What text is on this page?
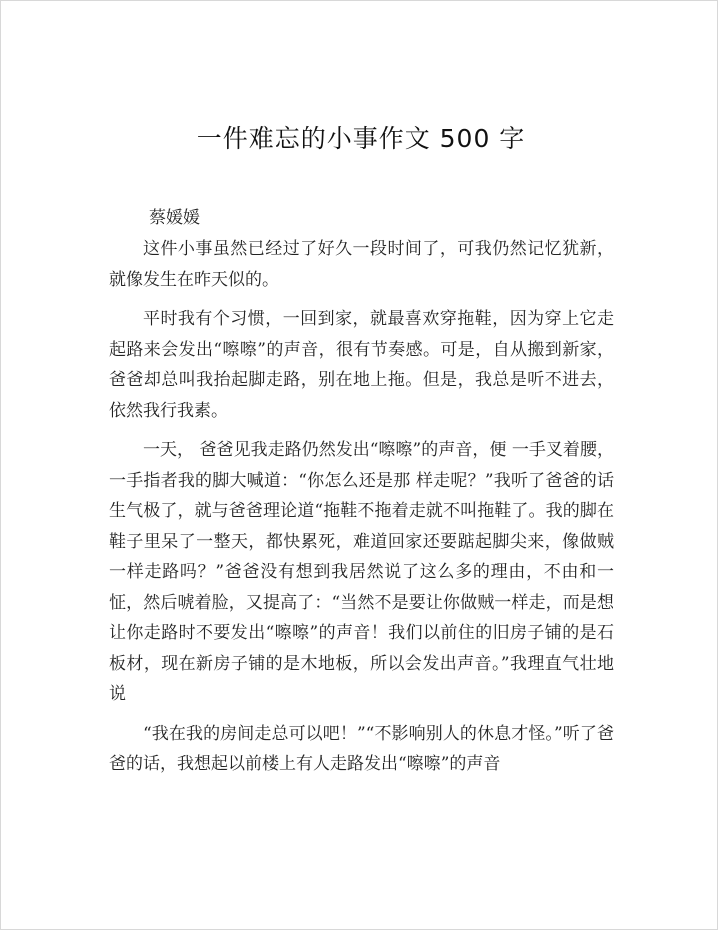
一件难忘的小事作文 500 字
蔡媛媛

这件小事虽然已经过了好久一段时间了，可我仍然记忆犹新，就像发生在昨天似的。

平时我有个习惯，一回到家，就最喜欢穿拖鞋，因为穿上它走起路来会发出“嚓嚓”的声音，很有节奏感。可是，自从搬到新家，爸爸却总叫我抬起脚走路，别在地上拖。但是，我总是听不进去，依然我行我素。

一天， 爸爸见我走路仍然发出“嚓嚓”的声音，便 一手叉着腰，一手指者我的脚大喊道：“你怎么还是那 样走呢？”我听了爸爸的话生气极了，就与爸爸理论道“拖鞋不拖着走就不叫拖鞋了。我的脚在鞋子里呆了一整天，都快累死，难道回家还要踮起脚尖来，像做贼一样走路吗？”爸爸没有想到我居然说了这么多的理由，不由和一怔，然后唬着脸，又提高了：“当然不是要让你做贼一样走，而是想让你走路时不要发出“嚓嚓”的声音！我们以前住的旧房子铺的是石板材，现在新房子铺的是木地板，所以会发出声音。”我理直气壮地说

“我在我的房间走总可以吧！”“不影响别人的休息才怪。”听了爸爸的话，我想起以前楼上有人走路发出“嚓嚓”的声音
